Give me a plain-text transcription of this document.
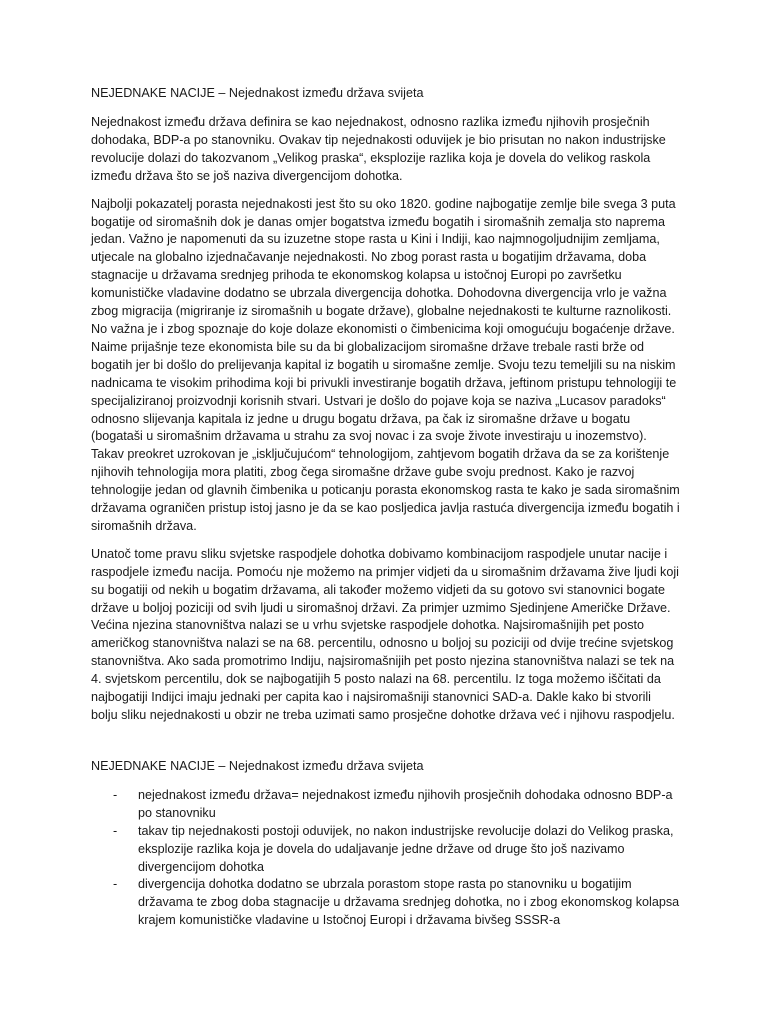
NEJEDNAKE NACIJE – Nejednakost između država svijeta

Nejednakost između država definira se kao nejednakost, odnosno razlika između njihovih prosječnih dohodaka, BDP-a po stanovniku. Ovakav tip nejednakosti oduvijek je bio prisutan no nakon industrijske revolucije dolazi do takozvanom „Velikog praska“, eksplozije razlika koja je dovela do velikog raskola između država što se još naziva divergencijom dohotka.

Najbolji pokazatelj porasta nejednakosti jest što su oko 1820. godine najbogatije zemlje bile svega 3 puta bogatije od siromašnih dok je danas omjer bogatstva između bogatih i siromašnih zemalja sto naprema jedan. Važno je napomenuti da su izuzetne stope rasta u Kini i Indiji, kao najmnogoljudnijim zemljama, utjecale na globalno izjednačavanje nejednakosti. No zbog porast rasta u bogatijim državama, doba stagnacije u državama srednjeg prihoda te ekonomskog kolapsa u istočnoj Europi po završetku komunističke vladavine dodatno se ubrzala divergencija dohotka. Dohodovna divergencija vrlo je važna zbog migracija (migriranje iz siromašnih u bogate države), globalne nejednakosti te kulturne raznolikosti. No važna je i zbog spoznaje do koje dolaze ekonomisti o čimbenicima koji omogućuju bogaćenje države. Naime prijašnje teze ekonomista bile su da bi globalizacijom siromašne države trebale rasti brže od bogatih jer bi došlo do prelijevanja kapital iz bogatih u siromašne zemlje. Svoju tezu temeljili su na niskim nadnicama te visokim prihodima koji bi privukli investiranje bogatih država, jeftinom pristupu tehnologiji te specijaliziranoj proizvodnji korisnih stvari. Ustvari je došlo do pojave koja se naziva „Lucasov paradoks“ odnosno slijevanja kapitala iz jedne u drugu bogatu država, pa čak iz siromašne države u bogatu (bogataši u siromašnim državama u strahu za svoj novac i za svoje živote investiraju u inozemstvo). Takav preokret uzrokovan je „isključujućom“ tehnologijom, zahtjevom bogatih država da se za korištenje njihovih tehnologija mora platiti, zbog čega siromašne države gube svoju prednost. Kako je razvoj tehnologije jedan od glavnih čimbenika u poticanju porasta ekonomskog rasta te kako je sada siromašnim državama ograničen pristup istoj jasno je da se kao posljedica javlja rastuća divergencija između bogatih i siromašnih država.

Unatoč tome pravu sliku svjetske raspodjele dohotka dobivamo kombinacijom raspodjele unutar nacije i raspodjele između nacija. Pomoću nje možemo na primjer vidjeti da u siromašnim državama žive ljudi koji su bogatiji od nekih u bogatim državama, ali također možemo vidjeti da su gotovo svi stanovnici bogate države u boljoj poziciji od svih ljudi u siromašnoj državi. Za primjer uzmimo Sjedinjene Američke Države. Većina njezina stanovništva nalazi se u vrhu svjetske raspodjele dohotka. Najsiromašnijih pet posto američkog stanovništva nalazi se na 68. percentilu, odnosno u boljoj su poziciji od dvije trećine svjetskog stanovništva. Ako sada promotrimo Indiju, najsiromašnijih pet posto njezina stanovništva nalazi se tek na 4. svjetskom percentilu, dok se najbogatijih 5 posto nalazi na 68. percentilu. Iz toga možemo iščitati da najbogatiji Indijci imaju jednaki per capita kao i najsiromašniji stanovnici SAD-a. Dakle kako bi stvorili bolju sliku nejednakosti u obzir ne treba uzimati samo prosječne dohotke država već i njihovu raspodjelu.

NEJEDNAKE NACIJE – Nejednakost između država svijeta
- nejednakost između država= nejednakost između njihovih prosječnih dohodaka odnosno BDP-a po stanovniku
- takav tip nejednakosti postoji oduvijek, no nakon industrijske revolucije dolazi do Velikog praska, eksplozije razlika koja je dovela do udaljavanje jedne države od druge što još nazivamo divergencijom dohotka
- divergencija dohotka dodatno se ubrzala porastom stope rasta po stanovniku u bogatijim državama te zbog doba stagnacije u državama srednjeg dohotka, no i zbog ekonomskog kolapsa krajem komunističke vladavine u Istočnoj Europi i državama bivšeg SSSR-a
